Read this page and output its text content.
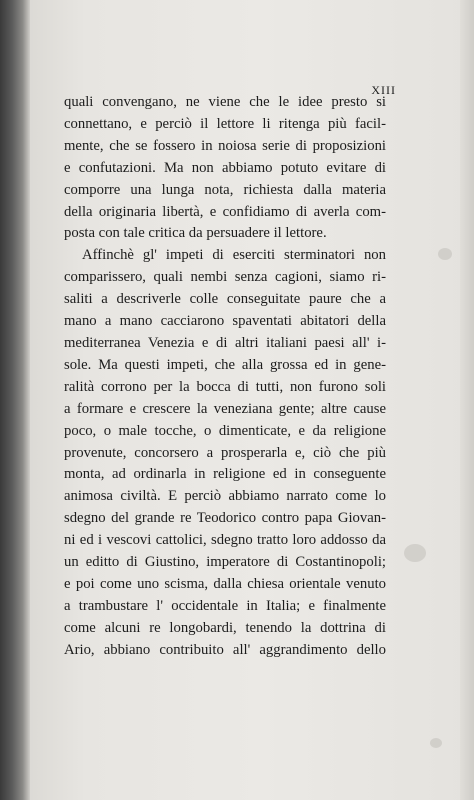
XIII
quali convengano, ne viene che le idee presto si
connettano, e perciò il lettore li ritenga più facil-
mente, che se fossero in noiosa serie di proposizioni
e confutazioni. Ma non abbiamo potuto evitare di
comporre una lunga nota, richiesta dalla materia
della originaria libertà, e confidiamo di averla com-
posta con tale critica da persuadere il lettore.
Affinchè gl' impeti di eserciti sterminatori non
comparissero, quali nembi senza cagioni, siamo ri-
saliti a descriverle colle conseguitate paure che a
mano a mano cacciarono spaventati abitatori della
mediterranea Venezia e di altri italiani paesi all' i-
sole. Ma questi impeti, che alla grossa ed in gene-
ralità corrono per la bocca di tutti, non furono soli
a formare e crescere la veneziana gente; altre cause
poco, o male tocche, o dimenticate, e da religione
provenute, concorsero a prosperarla e, ciò che più
monta, ad ordinarla in religione ed in conseguente
animosa civiltà. E perciò abbiamo narrato come lo
sdegno del grande re Teodorico contro papa Giovan-
ni ed i vescovi cattolici, sdegno tratto loro addosso da
un editto di Giustino, imperatore di Costantinopoli;
e poi come uno scisma, dalla chiesa orientale venuto
a trambustare l' occidentale in Italia; e finalmente
come alcuni re longobardi, tenendo la dottrina di
Ario, abbiano contribuito all' aggrandimento dello
